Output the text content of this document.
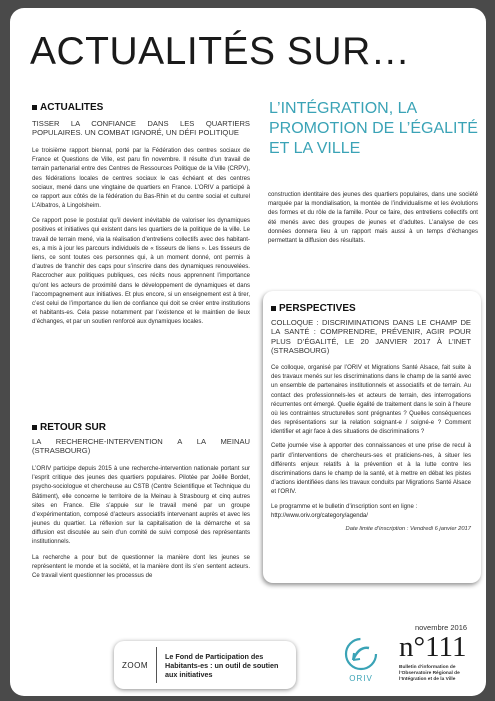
ACTUALITÉS SUR…
ACTUALITES
TISSER LA CONFIANCE DANS LES QUARTIERS POPULAIRES. UN COMBAT IGNORÉ, UN DÉFI POLITIQUE

Le troisième rapport biennal, porté par la Fédération des centres sociaux de France et Questions de Ville, est paru fin novembre. Il résulte d’un travail de terrain partenarial entre des Centres de Ressources Politique de la Ville (CRPV), des fédérations locales de centres sociaux le cas échéant et des centres sociaux, mené dans une vingtaine de quartiers en France. L’ORIV a participé à ce rapport aux côtés de la fédération du Bas-Rhin et du centre social et culturel L’Albatros, à Lingolsheim.

Ce rapport pose le postulat qu’il devient inévitable de valoriser les dynamiques positives et initiatives qui existent dans les quartiers de la politique de la ville. Le travail de terrain mené, via la réalisation d’entretiens collectifs avec des habitant-es, a mis à jour les parcours individuels de « tisseurs de liens ». Les tisseurs de liens, ce sont toutes ces personnes qui, à un moment donné, ont permis à d’autres de franchir des caps pour s’inscrire dans des dynamiques renouvelées. Raccrocher aux politiques publiques, ces récits nous apprennent l’importance qu’ont les acteurs de proximité dans le développement de dynamiques et dans l’accompagnement aux initiatives. Et plus encore, si un enseignement est à tirer, c’est celui de l’importance du lien de confiance qui doit se créer entre institutions et habitants-es. Cela passe notamment par l’existence et le maintien de lieux d’échanges, et par un soutien renforcé aux dynamiques locales.

L’INTÉGRATION, LA PROMOTION DE L’ÉGALITÉ ET LA VILLE

construction identitaire des jeunes des quartiers populaires, dans une société marquée par la mondialisation, la montée de l’individualisme et les évolutions des formes et du rôle de la famille. Pour ce faire, des entretiens collectifs ont été menés avec des groupes de jeunes et d’adultes. L’analyse de ces données donnera lieu à un rapport mais aussi à un temps d’échanges permettant la diffusion des résultats.

PERSPECTIVES
COLLOQUE : DISCRIMINATIONS DANS LE CHAMP DE LA SANTÉ : COMPRENDRE, PRÉVENIR, AGIR POUR PLUS D’ÉGALITÉ, LE 20 JANVIER 2017 À L’INET (STRASBOURG)

Ce colloque, organisé par l’ORIV et Migrations Santé Alsace, fait suite à des travaux menés sur les discriminations dans le champ de la santé avec un ensemble de partenaires institutionnels et associatifs et de terrain. Au contact des professionnels-les et acteurs de terrain, des interrogations récurrentes ont émergé. Quelle égalité de traitement dans le soin à l’heure où les contraintes structurelles sont prégnantes ? Quelles conséquences des représentations sur la relation soignant-e / soigné-e ? Comment identifier et agir face à des situations de discriminations ?

Cette journée vise à apporter des connaissances et une prise de recul à partir d’interventions de chercheurs-ses et praticiens-nes, à situer les différents enjeux relatifs à la prévention et à la lutte contre les discriminations dans le champ de la santé, et à mettre en débat les pistes d’actions identifiées dans les travaux conduits par Migrations Santé Alsace et l’ORIV.

Le programme et le bulletin d’inscription sont en ligne :
http://www.oriv.org/category/agenda/

Date limite d’inscription : Vendredi 6 janvier 2017
RETOUR SUR
LA RECHERCHE-INTERVENTION A LA MEINAU (STRASBOURG)

L’ORIV participe depuis 2015 à une recherche-intervention nationale portant sur l’esprit critique des jeunes des quartiers populaires. Pilotée par Joëlle Bordet, psycho-sociologue et chercheuse au CSTB (Centre Scientifique et Technique du Bâtiment), elle concerne le territoire de la Meinau à Strasbourg et cinq autres sites en France. Elle s’appuie sur le travail mené par un groupe d’expérimentation, composé d’acteurs associatifs intervenant auprès et avec les jeunes du quartier. La réflexion sur la capitalisation de la démarche et sa diffusion est discutée au sein d’un comité de suivi composé des représentants institutionnels.

La recherche a pour but de questionner la manière dont les jeunes se représentent le monde et la société, et la manière dont ils s’en sentent acteurs. Ce travail vient questionner les processus de

ZOOM
Le Fond de Participation des Habitants-es : un outil de soutien aux initiatives	ORIV
novembre 2016
n°111
Bulletin d’information de l’Observatoire Régional de l’Intégration et de la Ville
